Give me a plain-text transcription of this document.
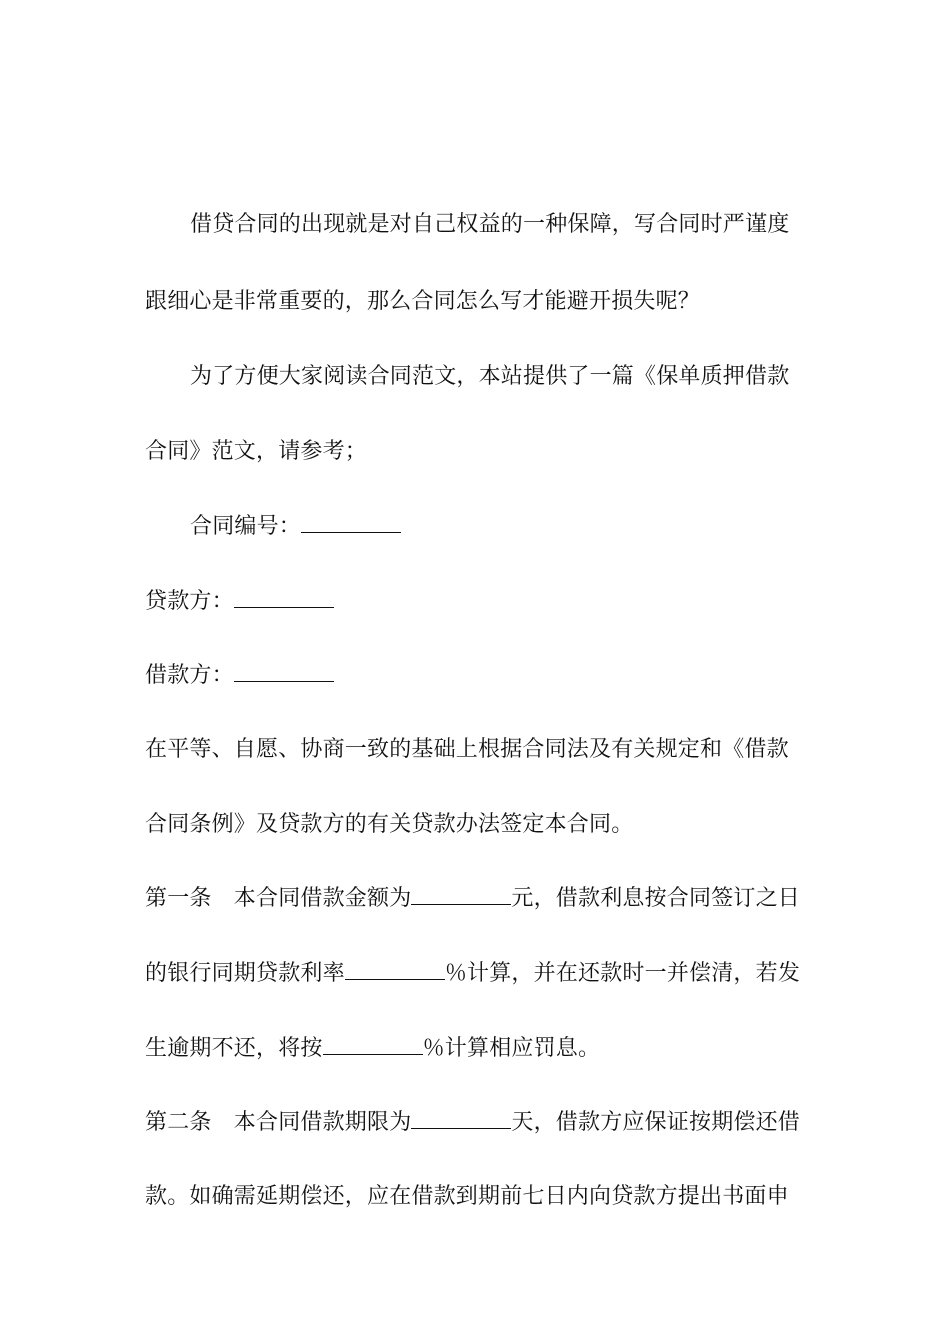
借贷合同的出现就是对自己权益的一种保障，写合同时严谨度
跟细心是非常重要的，那么合同怎么写才能避开损失呢？
为了方便大家阅读合同范文，本站提供了一篇《保单质押借款
合同》范文，请参考；
合同编号：
贷款方：
借款方：
在平等、自愿、协商一致的基础上根据合同法及有关规定和《借款
合同条例》及贷款方的有关贷款办法签定本合同。
第一条　本合同借款金额为	元，借款利息按合同签订之日
的银行同期贷款利率	％计算，并在还款时一并偿清，若发
生逾期不还，将按	％计算相应罚息。
第二条　本合同借款期限为	天，借款方应保证按期偿还借
款。如确需延期偿还，应在借款到期前七日内向贷款方提出书面申
